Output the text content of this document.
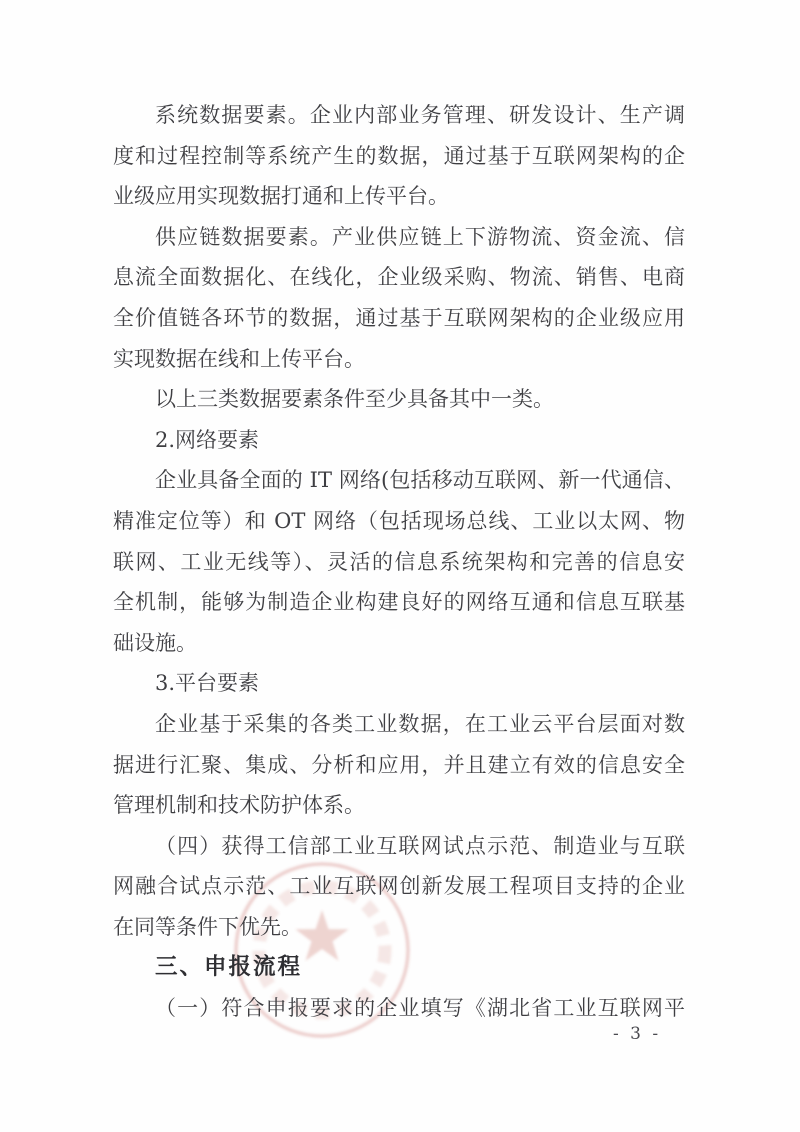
系统数据要素。企业内部业务管理、研发设计、生产调
度和过程控制等系统产生的数据，通过基于互联网架构的企
业级应用实现数据打通和上传平台。
供应链数据要素。产业供应链上下游物流、资金流、信
息流全面数据化、在线化，企业级采购、物流、销售、电商
全价值链各环节的数据，通过基于互联网架构的企业级应用
实现数据在线和上传平台。
以上三类数据要素条件至少具备其中一类。
2.网络要素
企业具备全面的 IT 网络(包括移动互联网、新一代通信、
精准定位等）和 OT 网络（包括现场总线、工业以太网、物
联网、工业无线等）、灵活的信息系统架构和完善的信息安
全机制，能够为制造企业构建良好的网络互通和信息互联基
础设施。
3.平台要素
企业基于采集的各类工业数据，在工业云平台层面对数
据进行汇聚、集成、分析和应用，并且建立有效的信息安全
管理机制和技术防护体系。
（四）获得工信部工业互联网试点示范、制造业与互联
网融合试点示范、工业互联网创新发展工程项目支持的企业
在同等条件下优先。
三、申报流程
（一）符合申报要求的企业填写《湖北省工业互联网平
- 3 -
